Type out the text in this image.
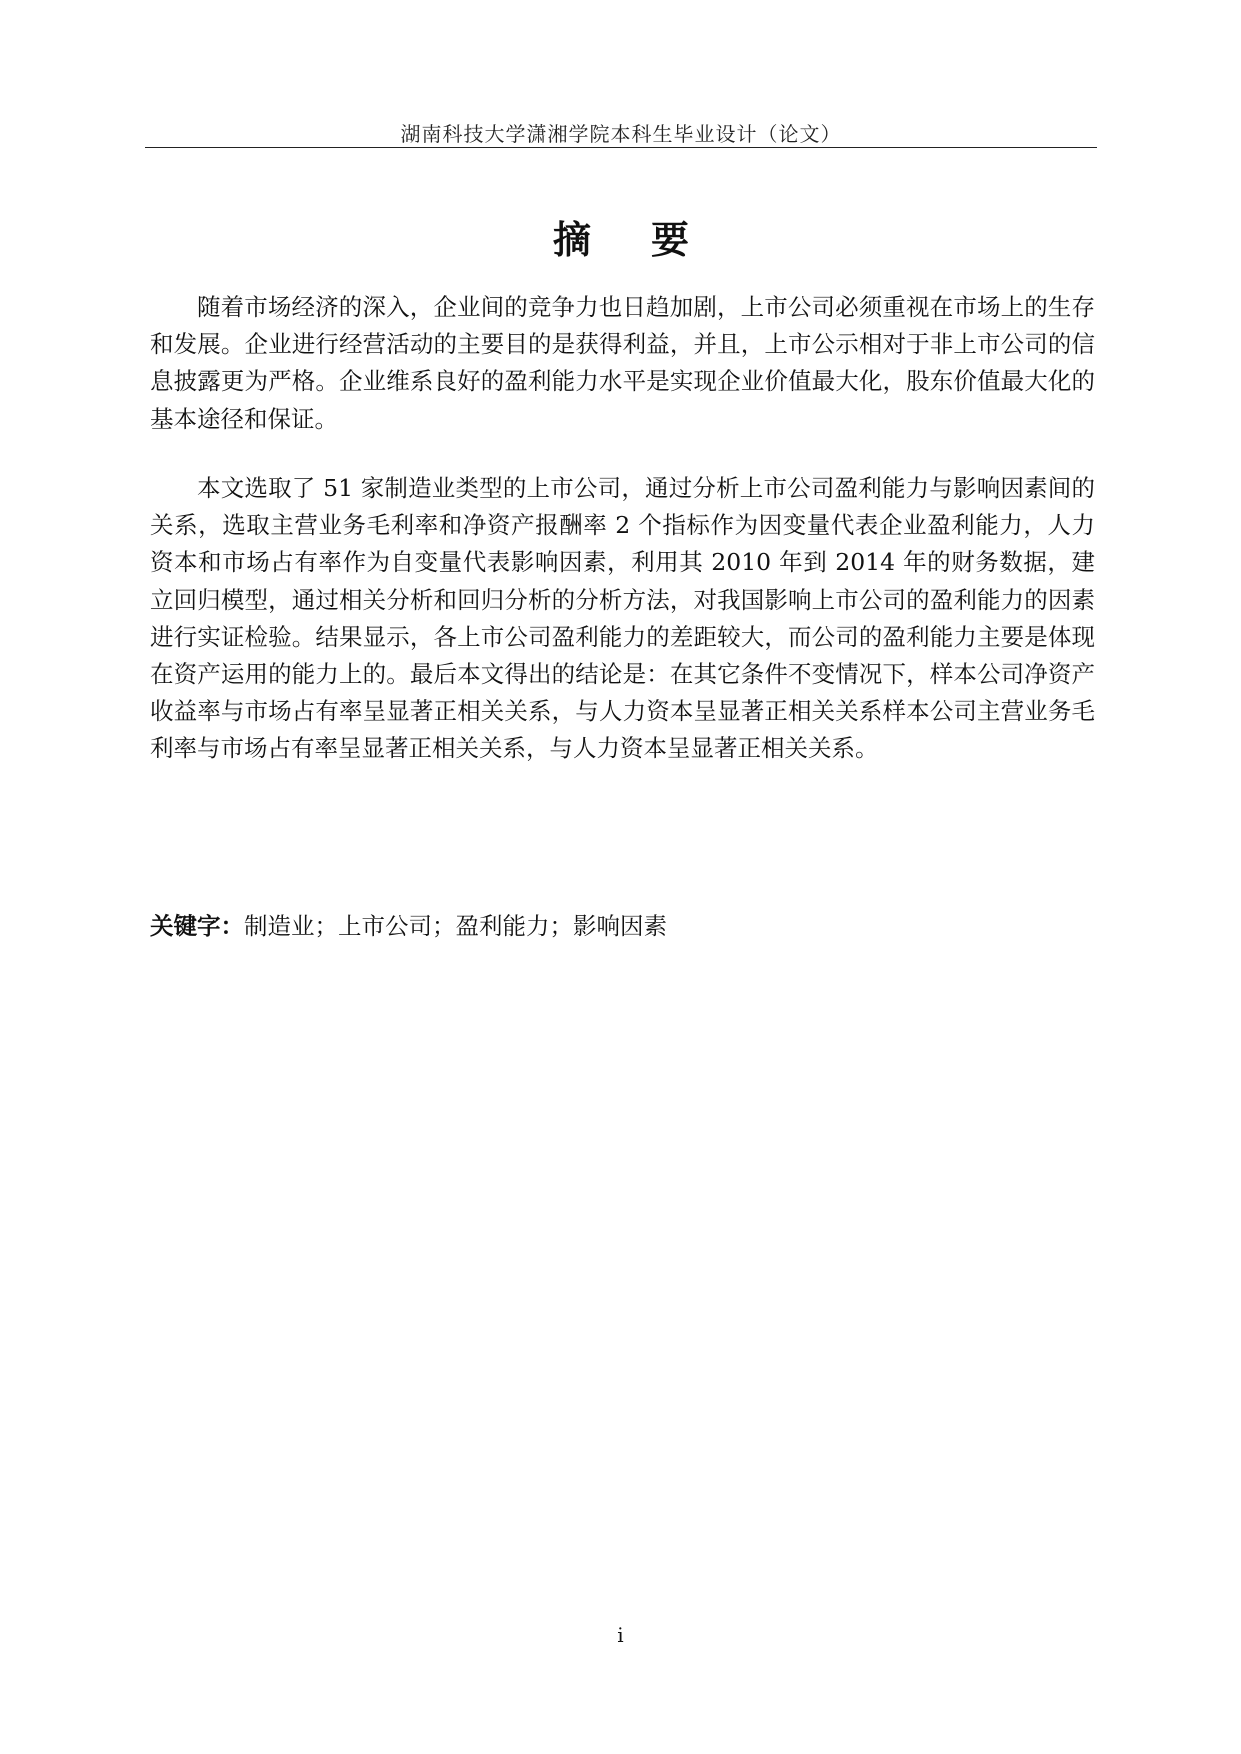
湖南科技大学潇湘学院本科生毕业设计（论文）
摘要

随着市场经济的深入，企业间的竞争力也日趋加剧，上市公司必须重视在市场上的生存和发展。企业进行经营活动的主要目的是获得利益，并且，上市公示相对于非上市公司的信息披露更为严格。企业维系良好的盈利能力水平是实现企业价值最大化，股东价值最大化的基本途径和保证。

本文选取了 51 家制造业类型的上市公司，通过分析上市公司盈利能力与影响因素间的关系，选取主营业务毛利率和净资产报酬率 2 个指标作为因变量代表企业盈利能力，人力资本和市场占有率作为自变量代表影响因素，利用其 2010 年到 2014 年的财务数据，建立回归模型，通过相关分析和回归分析的分析方法，对我国影响上市公司的盈利能力的因素进行实证检验。结果显示，各上市公司盈利能力的差距较大，而公司的盈利能力主要是体现在资产运用的能力上的。最后本文得出的结论是：在其它条件不变情况下，样本公司净资产收益率与市场占有率呈显著正相关关系，与人力资本呈显著正相关关系样本公司主营业务毛利率与市场占有率呈显著正相关关系，与人力资本呈显著正相关关系。

关键字：制造业；上市公司；盈利能力；影响因素
i
